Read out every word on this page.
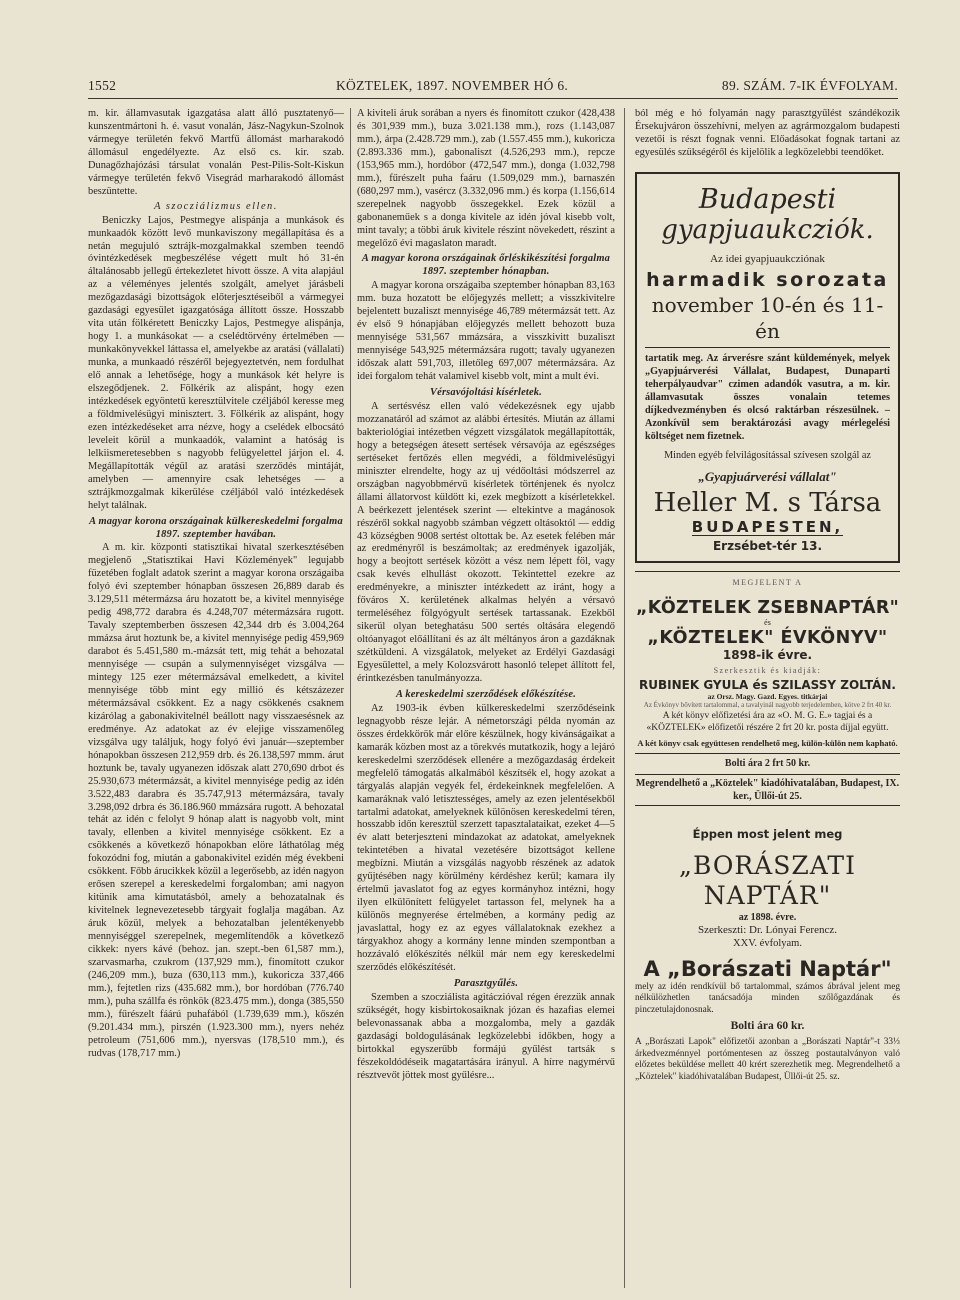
1552	KÖZTELEK, 1897. NOVEMBER HÓ 6.	89. SZÁM. 7-IK ÉVFOLYAM.

m. kir. államvasutak igazgatása alatt álló pusztatenyő—kunszentmártoni h. é. vasut vonalán, Jász-Nagykun-Szolnok vármegye területén fekvő Martfű állomást marharakodó állomásul engedélyezte. Az első cs. kir. szab. Dunagőzhajózási társulat vonalán Pest-Pilis-Solt-Kiskun vármegye területén fekvő Visegrád marharakodó állomást beszüntette.

A szocziálizmus ellen.

Beniczky Lajos, Pestmegye alispánja a munkások és munkaadók között levő munkaviszony megállapítása és a netán megujuló sztrájk-mozgalmakkal szemben teendő óvintézkedések megbeszélése végett mult hó 31-én általánosabb jellegű értekezletet hivott össze. A vita alapjául az a véleményes jelentés szolgált, amelyet járásbeli mezőgazdasági bizottságok előterjesztéseiből a vármegyei gazdasági egyesület igazgatósága állított össze. Hosszabb vita után fölkéretett Beniczky Lajos, Pestmegye alispánja, hogy 1. a munkásokat — a cselédtörvény értelmében — munkakönyvekkel láttassa el, amelyekbe az aratási (vállalati) munka, a munkaadó részéről bejegyeztetvén, nem fordulhat elő annak a lehetősége, hogy a munkások két helyre is elszegődjenek. 2. Fölkérik az alispánt, hogy ezen intézkedések egyöntetű keresztülvitele czéljából keresse meg a földmivelésügyi minisztert. 3. Fölkérik az alispánt, hogy ezen intézkedéseket arra nézve, hogy a cselédek elbocsátó leveleit körül a munkaadók, valamint a hatóság is lelkiismeretesebben s nagyobb felügyelettel járjon el. 4. Megállapították végül az aratási szerződés mintáját, amelyben — amennyire csak lehetséges — a sztrájkmozgalmak kikerülése czéljából való intézkedések helyt találnak.

A magyar korona országainak külkereskedelmi forgalma 1897. szeptember havában.

A m. kir. központi statisztikai hivatal szerkesztésében megjelenő „Statisztikai Havi Közlemények" legujabb füzetében foglalt adatok szerint a magyar korona országaiba folyó évi szeptember hónapban összesen 26,889 darab és 3.129,511 métermázsa áru hozatott be, a kivitel mennyisége pedig 498,772 darabra és 4.248,707 métermázsára rugott. Tavaly szeptemberben összesen 42,344 drb és 3.004,264 mmázsa árut hoztunk be, a kivitel mennyisége pedig 459,969 darabot és 5.451,580 m.-mázsát tett, mig tehát a behozatal mennyisége — csupán a sulymennyiséget vizsgálva — mintegy 125 ezer métermázsával emelkedett, a kivitel mennyisége több mint egy millió és kétszázezer métermázsával csökkent. Ez a nagy csökkenés csaknem kizárólag a gabonakivitelnél beállott nagy visszaesésnek az eredménye. Az adatokat az év elejige visszamenőleg vizsgálva ugy találjuk, hogy folyó évi január—szeptember hónapokban összesen 212,959 drb. és 26.138,597 mmm. árut hoztunk be, tavaly ugyanezen időszak alatt 270,690 drbot és 25.930,673 métermázsát, a kivitel mennyisége pedig az idén 3.522,483 darabra és 35.747,913 métermázsára, tavaly 3.298,092 drbra és 36.186.960 mmázsára rugott. A behozatal tehát az idén c felolyt 9 hónap alatt is nagyobb volt, mint tavaly, ellenben a kivitel mennyisége csökkent. Ez a csökkenés a következő hónapokban elöre láthatólag még fokozódni fog, miután a gabonakivitel ezidén még évekbeni csökkent. Főbb árucikkek közül a legerősebb, az idén nagyon erősen szerepel a kereskedelmi forgalomban; ami nagyon kitünik ama kimutatásból, amely a behozatalnak és kivitelnek legnevezetesebb tárgyait foglalja magában. Az áruk közül, melyek a behozatalban jelentékenyebb mennyiséggel szerepelnek, megemlítendők a következő cikkek: nyers kávé (behoz. jan. szept.-ben 61,587 mm.), szarvasmarha, czukrom (137,929 mm.), finomított czukor (246,209 mm.), buza (630,113 mm.), kukoricza 337,466 mm.), fejtetlen rizs (435.682 mm.), bor hordóban (776.740 mm.), puha szállfa és rönkök (823.475 mm.), donga (385,550 mm.), fűrészelt fáárú puhafából (1.739,639 mm.), kőszén (9.201.434 mm.), pirszén (1.923.300 mm.), nyers nehéz petroleum (751,606 mm.), nyersvas (178,510 mm.), és rudvas (178,717 mm.)

A kiviteli áruk sorában a nyers és finomított czukor (428,438 és 301,939 mm.), buza 3.021.138 mm.), rozs (1.143,087 mm.), árpa (2.428.729 mm.), zab (1.557.455 mm.), kukoricza (2.893.336 mm.), gabonaliszt (4.526,293 mm.), repcze (153,965 mm.), hordóbor (472,547 mm.), donga (1.032,798 mm.), fűrészelt puha faáru (1.509,029 mm.), barnaszén (680,297 mm.), vasércz (3.332,096 mm.) és korpa (1.156,614 szerepelnek nagyobb összegekkel. Ezek közül a gabonaneműek s a donga kivitele az idén jóval kisebb volt, mint tavaly; a többi áruk kivitele részint növekedett, részint a megelőző évi magaslaton maradt.

A magyar korona országainak őrléskikészítési forgalma 1897. szeptember hónapban.

A magyar korona országaiba szeptember hónapban 83,163 mm. buza hozatott be előjegyzés mellett; a visszkivitelre bejelentett buzaliszt mennyisége 46,789 métermázsát tett. Az év első 9 hónapjában előjegyzés mellett behozott buza mennyisége 531,567 mmázsára, a visszkivitt buzaliszt mennyisége 543,925 métermázsára rugott; tavaly ugyanezen időszak alatt 591,703, illetőleg 697,007 métermázsára. Az idei forgalom tehát valamivel kisebb volt, mint a mult évi.

Vérsavójoltási kísérletek.

A sertésvész ellen való védekezésnek egy ujabb mozzanatáról ad számot az alábbi értesítés. Miután az állami bakteriológiai intézetben végzett vizsgálatok megállapították, hogy a betegségen átesett sertések vérsavója az egészséges sertéseket fertőzés ellen megvédi, a földmivelésügyi miniszter elrendelte, hogy az uj védőoltási módszerrel az országban nagyobbmérvű kísérletek történjenek és nyolcz állami állatorvost küldött ki, ezek megbízott a kísérletekkel. A beérkezett jelentések szerint — eltekintve a magánosok részéről sokkal nagyobb számban végzett oltásoktól — eddig 43 községben 9008 sertést oltottak be. Az esetek felében már az eredményről is beszámoltak; az eredmények igazolják, hogy a beojtott sertések között a vész nem lépett föl, vagy csak kevés elhullást okozott. Tekintettel ezekre az eredményekre, a miniszter intézkedett az iránt, hogy a főváros X. kerületének alkalmas helyén a vérsavó termeléséhez fölgyógyult sertések tartassanak. Ezekből sikerül olyan beteghatásu 500 sertés oltására elegendő oltóanyagot előállítani és az ált méltányos áron a gazdáknak szétküldeni. A vizsgálatok, melyeket az Erdélyi Gazdasági Egyesülettel, a mely Kolozsvárott hasonló telepet állított fel, érintkezésben tanulmányozza.

A kereskedelmi szerződések előkészítése.

Az 1903-ik évben külkereskedelmi szerződéseink legnagyobb része lejár. A németországi példa nyomán az összes érdekkörök már előre készülnek, hogy kivánságaikat a kamarák közben most az a törekvés mutatkozik, hogy a lejáró kereskedelmi szerződések ellenére a mezőgazdaság érdekeit megfelelő támogatás alkalmából készítsék el, hogy azokat a tárgyalás alapján vegyék fel, érdekeinknek megfelelően. A kamaráknak való letisztességes, amely az ezen jelentésekből tartalmi adatokat, amelyeknek különösen kereskedelmi téren, hosszabb időn keresztül szerzett tapasztalataikat, ezeket 4—5 év alatt beterjeszteni mindazokat az adatokat, amelyeknek tekintetében a hivatal vezetésére bizottságot kellene megbízni. Miután a vizsgálás nagyobb részének az adatok gyűjtésében nagy körülmény kérdéshez kerül; kamara ily értelmű javaslatot fog az egyes kormányhoz intézni, hogy ilyen elkülönített felügyelet tartasson fel, melynek ha a különös megnyerése értelmében, a kormány pedig az javaslattal, hogy ez az egyes vállalatoknak ezekhez a tárgyakhoz ahogy a kormány lenne minden szempontban a hozzávaló előkészítés nélkül már nem egy kereskedelmi szerződés előkészítését.

Parasztgyűlés.

Szemben a szocziálista agitáczióval régen érezzük annak szükségét, hogy kisbirtokosaiknak józan és hazafias elemei belevonassanak abba a mozgalomba, mely a gazdák gazdasági boldogulásának legközelebbi időkben, hogy a birtokkal egyszerűbb formájú gyűlést tartsák s fészekoldódéseik magatartására irányul. A hírre nagymérvű résztvevőt jöttek most gyűlésre...

ból még e hó folyamán nagy parasztgyűlést szándékozik Érsekujváron összehívni, melyen az agrármozgalom budapesti vezetői is részt fognak venni. Előadásokat fognak tartani az egyesülés szükségéről és kijelölik a legközelebbi teendőket.

Budapesti
gyapjuaukcziók.
Az idei gyapjuaukcziónak
harmadik sorozata
november 10-én és 11-én
tartatik meg. Az árverésre szánt küldemények, melyek „Gyapjuárverési Vállalat, Budapest, Dunaparti teherpályaudvar" czimen adandók vasutra, a m. kir. államvasutak összes vonalain tetemes díjkedvezményben és olcsó raktárban részesülnek. – Azonkívül sem beraktározási avagy mérlegelési költséget nem fizetnek.
Minden egyéb felvilágosítással szívesen szolgál az
„Gyapjuárverési vállalat"
Heller M. s Társa
BUDAPESTEN,
Erzsébet-tér 13.
MEGJELENT A
„KÖZTELEK ZSEBNAPTÁR"
és
„KÖZTELEK" ÉVKÖNYV"
1898-ik évre.
Szerkesztik és kiadják:
RUBINEK GYULA és SZILASSY ZOLTÁN.
az Orsz. Magy. Gazd. Egyes. titkárjai
Az Évkönyv bővített tartalommal, a tavalyinál nagyobb terjedelemben, kötve 2 frt 40 kr.
A két könyv előfizetési ára az «O. M. G. E.» tagjai és a «KÖZTELEK» előfizetői részére 2 frt 20 kr. posta díjjal együtt.
A két könyv csak együttesen rendelhető meg, külön-külön nem kapható.
Bolti ára 2 frt 50 kr.
Megrendelhető a „Köztelek" kiadóhivatalában, Budapest, IX. ker., Üllői-út 25.
Éppen most jelent meg
„BORÁSZATI NAPTÁR"
az 1898. évre.
Szerkeszti: Dr. Lónyai Ferencz.
XXV. évfolyam.
A „Borászati Naptár"
mely az idén rendkívül bő tartalommal, számos ábrával jelent meg nélkülözhetlen tanácsadója minden szőlőgazdának és pinczetulajdonosnak.
Bolti ára 60 kr.
A „Borászati Lapok" előfizetői azonban a „Borászati Naptár"-t 33⅓ árkedvezménnyel portómentesen az összeg postautalványon való előzetes beküldése mellett 40 krért szerezhetik meg. Megrendelhető a „Köztelek" kiadóhivatalában Budapest, Üllői-út 25. sz.
